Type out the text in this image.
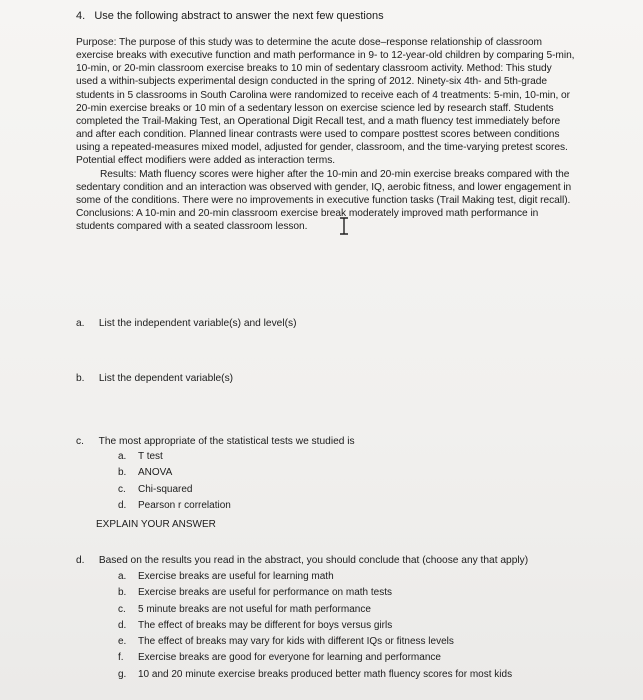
4. Use the following abstract to answer the next few questions

Purpose: The purpose of this study was to determine the acute dose–response relationship of classroom exercise breaks with executive function and math performance in 9- to 12-year-old children by comparing 5-min, 10-min, or 20-min classroom exercise breaks to 10 min of sedentary classroom activity. Method: This study used a within-subjects experimental design conducted in the spring of 2012. Ninety-six 4th- and 5th-grade students in 5 classrooms in South Carolina were randomized to receive each of 4 treatments: 5-min, 10-min, or 20-min exercise breaks or 10 min of a sedentary lesson on exercise science led by research staff. Students completed the Trail-Making Test, an Operational Digit Recall test, and a math fluency test immediately before and after each condition. Planned linear contrasts were used to compare posttest scores between conditions using a repeated-measures mixed model, adjusted for gender, classroom, and the time-varying pretest scores. Potential effect modifiers were added as interaction terms.

Results: Math fluency scores were higher after the 10-min and 20-min exercise breaks compared with the sedentary condition and an interaction was observed with gender, IQ, aerobic fitness, and lower engagement in some of the conditions. There were no improvements in executive function tasks (Trail Making test, digit recall). Conclusions: A 10-min and 20-min classroom exercise break moderately improved math performance in students compared with a seated classroom lesson.

a. List the independent variable(s) and level(s)
b. List the dependent variable(s)
c. The most appropriate of the statistical tests we studied is
a. T test
b. ANOVA
c. Chi-squared
d. Pearson r correlation
EXPLAIN YOUR ANSWER
d. Based on the results you read in the abstract, you should conclude that (choose any that apply)
a. Exercise breaks are useful for learning math
b. Exercise breaks are useful for performance on math tests
c. 5 minute breaks are not useful for math performance
d. The effect of breaks may be different for boys versus girls
e. The effect of breaks may vary for kids with different IQs or fitness levels
f. Exercise breaks are good for everyone for learning and performance
g. 10 and 20 minute exercise breaks produced better math fluency scores for most kids
